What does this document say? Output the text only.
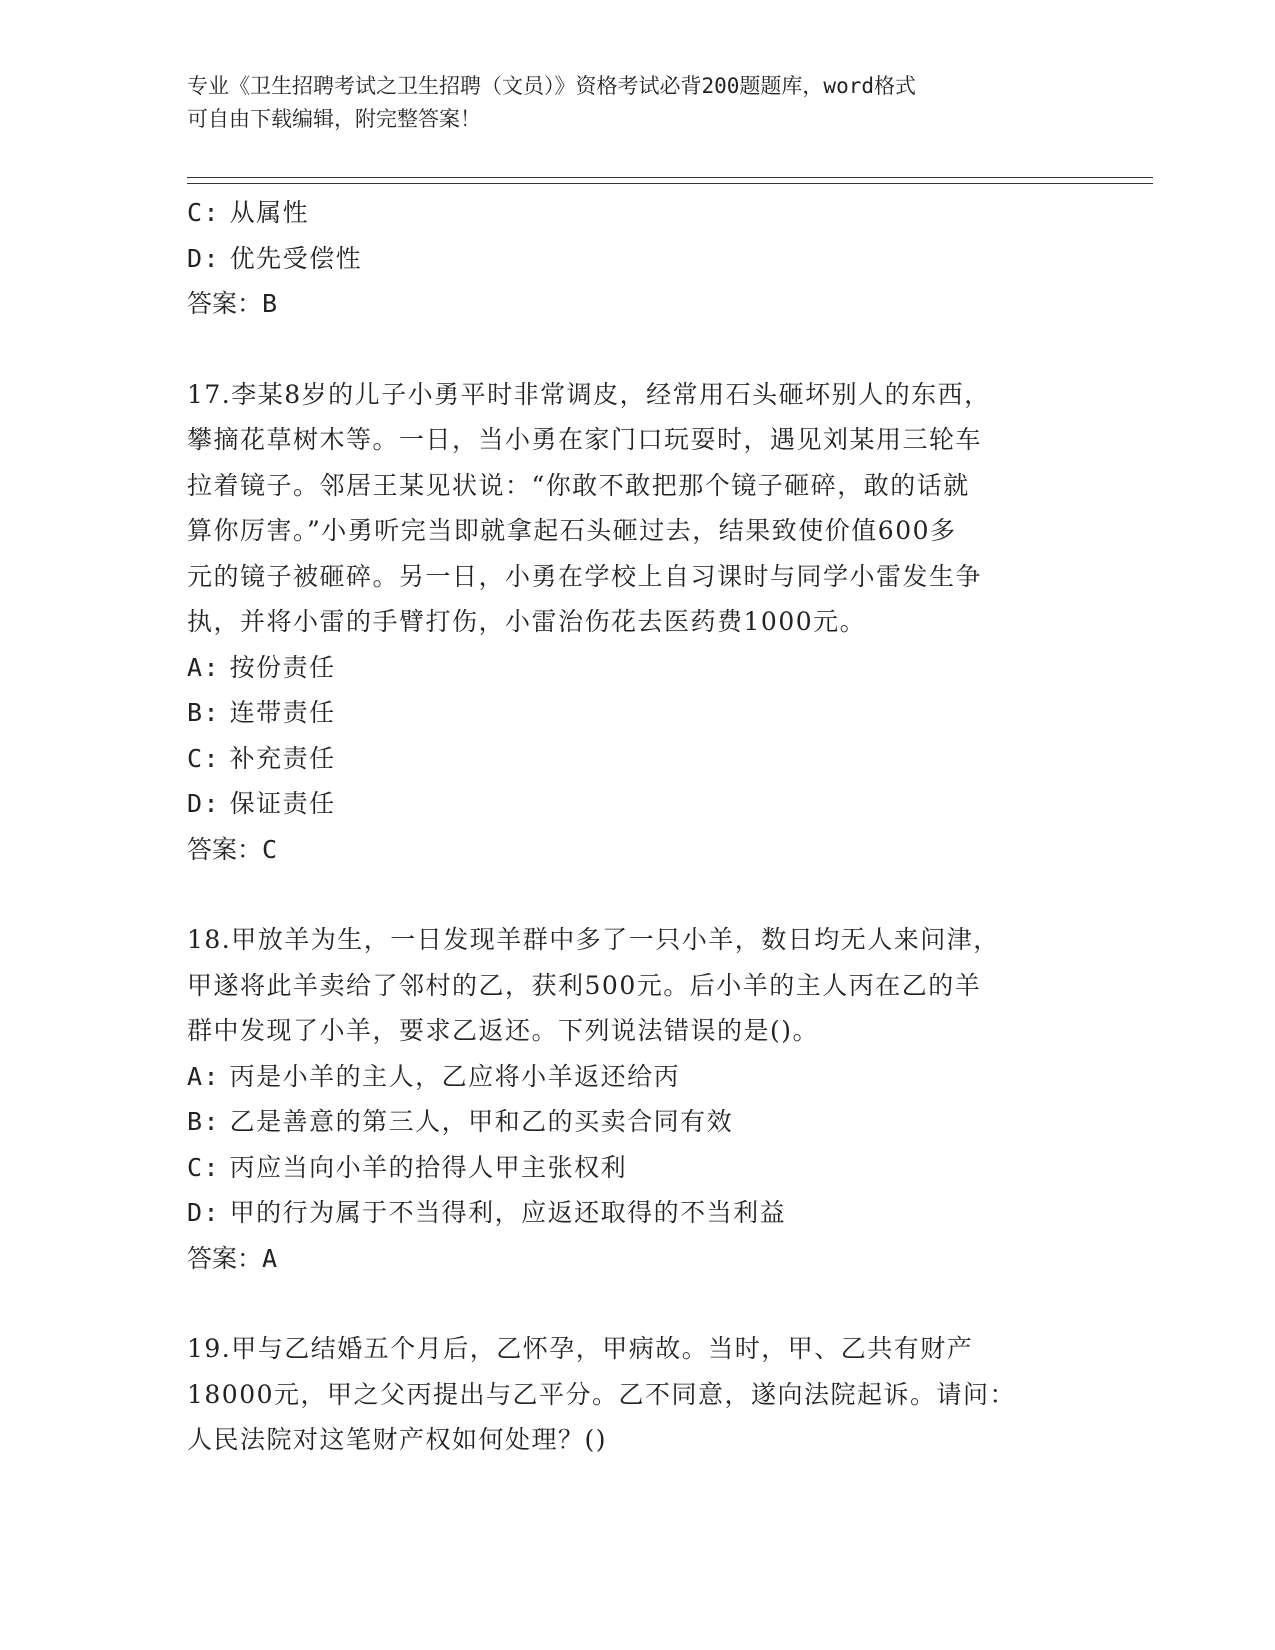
专业《卫生招聘考试之卫生招聘（文员）》资格考试必背200题题库，word格式

可自由下载编辑，附完整答案！

C: 从属性

D: 优先受偿性

答案：B

17.李某8岁的儿子小勇平时非常调皮，经常用石头砸坏别人的东西，

攀摘花草树木等。一日，当小勇在家门口玩耍时，遇见刘某用三轮车

拉着镜子。邻居王某见状说：“你敢不敢把那个镜子砸碎，敢的话就

算你厉害。”小勇听完当即就拿起石头砸过去，结果致使价值600多

元的镜子被砸碎。另一日，小勇在学校上自习课时与同学小雷发生争

执，并将小雷的手臂打伤，小雷治伤花去医药费1000元。

A: 按份责任

B: 连带责任

C: 补充责任

D: 保证责任

答案：C

18.甲放羊为生，一日发现羊群中多了一只小羊，数日均无人来问津，

甲遂将此羊卖给了邻村的乙，获利500元。后小羊的主人丙在乙的羊

群中发现了小羊，要求乙返还。下列说法错误的是()。

A: 丙是小羊的主人，乙应将小羊返还给丙

B: 乙是善意的第三人，甲和乙的买卖合同有效

C: 丙应当向小羊的拾得人甲主张权利

D: 甲的行为属于不当得利，应返还取得的不当利益

答案：A

19.甲与乙结婚五个月后，乙怀孕，甲病故。当时，甲、乙共有财产

18000元，甲之父丙提出与乙平分。乙不同意，遂向法院起诉。请问：

人民法院对这笔财产权如何处理？()
